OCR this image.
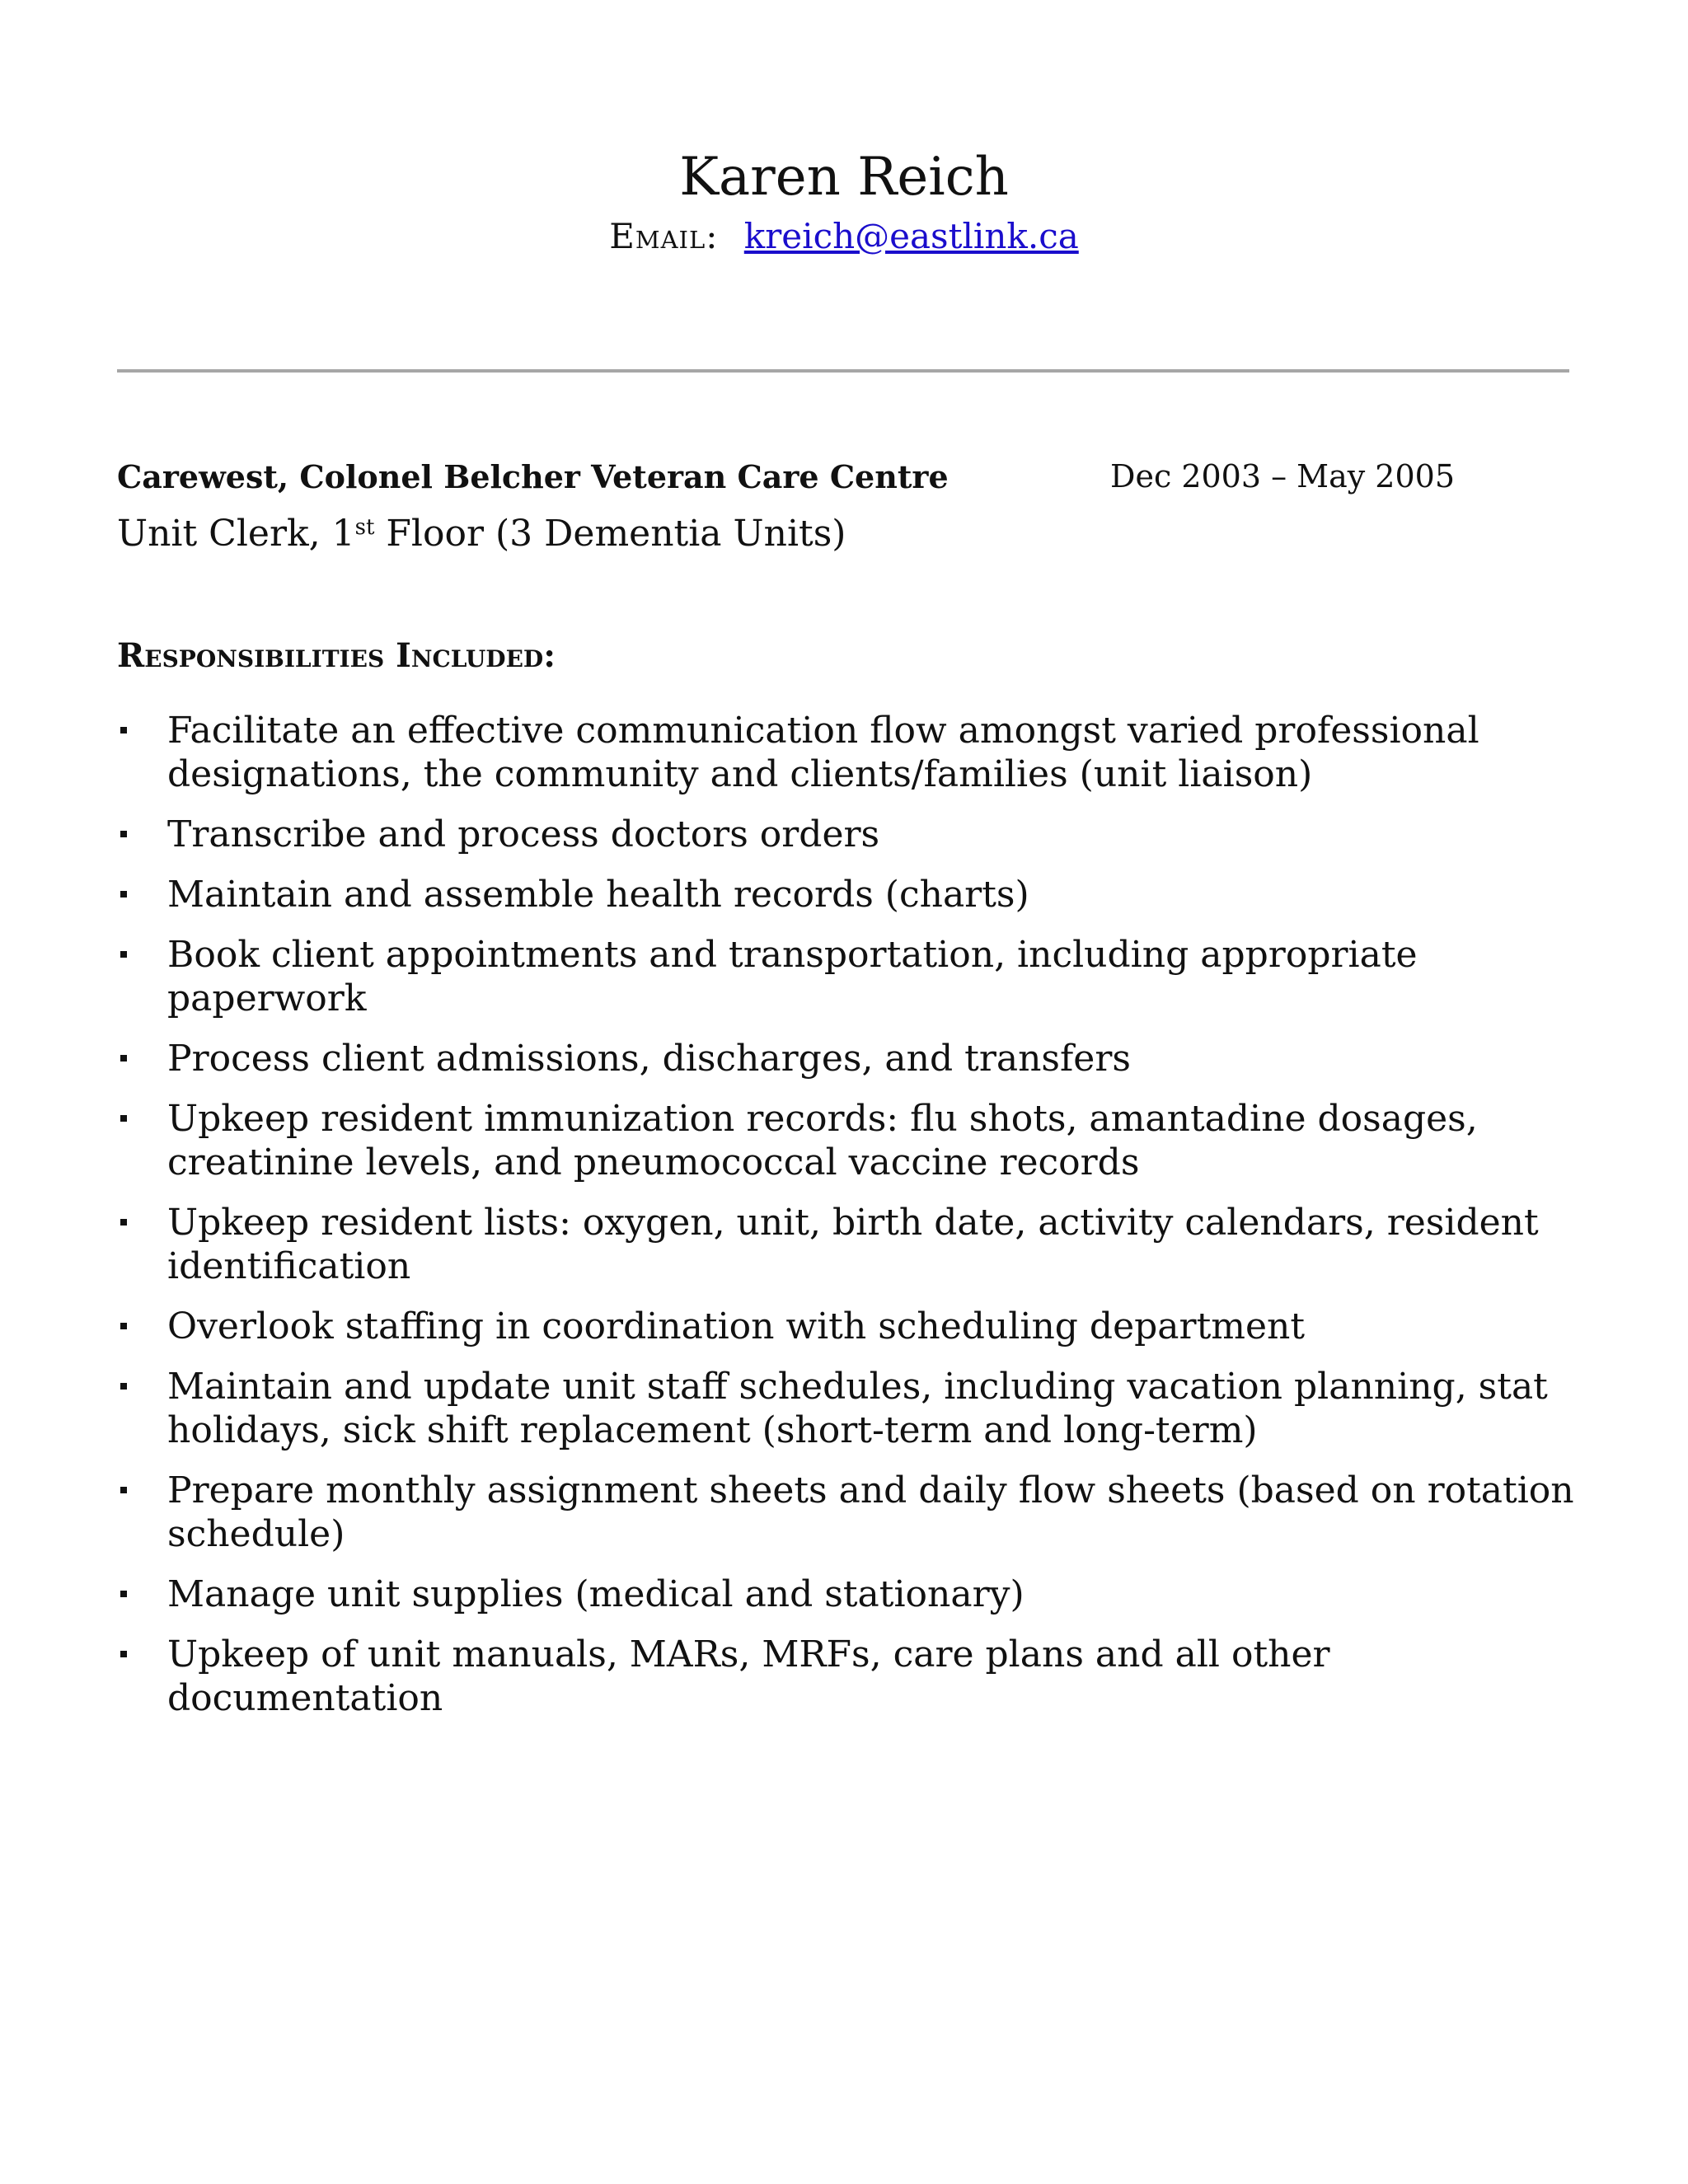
Karen Reich
Email: kreich@eastlink.ca
Carewest, Colonel Belcher Veteran Care Centre	Dec 2003 – May 2005
Unit Clerk, 1st Floor (3 Dementia Units)
Responsibilities Included:
Facilitate an effective communication flow amongst varied professional designations, the community and clients/families (unit liaison)
Transcribe and process doctors orders
Maintain and assemble health records (charts)
Book client appointments and transportation, including appropriate paperwork
Process client admissions, discharges, and transfers
Upkeep resident immunization records: flu shots, amantadine dosages, creatinine levels, and pneumococcal vaccine records
Upkeep resident lists: oxygen, unit, birth date, activity calendars, resident identification
Overlook staffing in coordination with scheduling department
Maintain and update unit staff schedules, including vacation planning, stat holidays, sick shift replacement (short-term and long-term)
Prepare monthly assignment sheets and daily flow sheets (based on rotation schedule)
Manage unit supplies (medical and stationary)
Upkeep of unit manuals, MARs, MRFs, care plans and all other documentation
